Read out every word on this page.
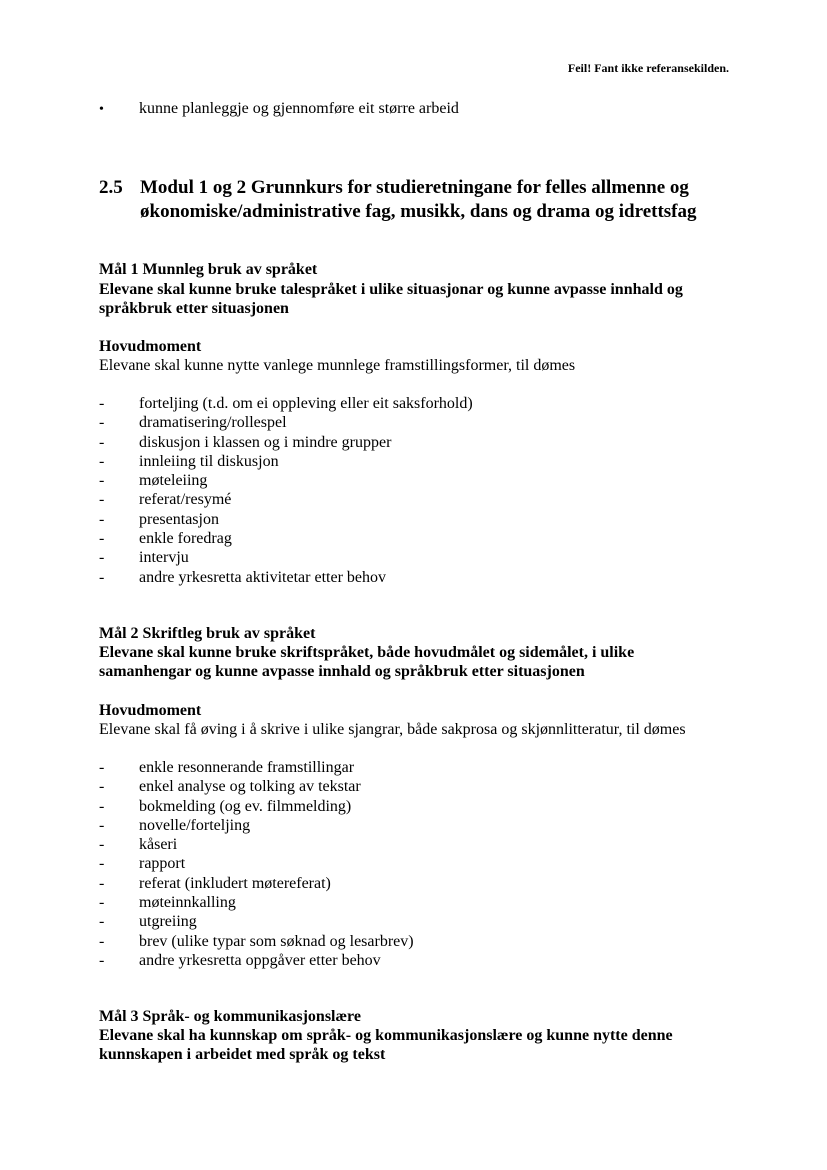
Feil! Fant ikke referansekilden.
• kunne planleggje og gjennomføre eit større arbeid
2.5 Modul 1 og 2 Grunnkurs for studieretningane for felles allmenne og økonomiske/administrative fag, musikk, dans og drama og idrettsfag
Mål 1 Munnleg bruk av språket
Elevane skal kunne bruke talespråket i ulike situasjonar og kunne avpasse innhald og språkbruk etter situasjonen
Hovudmoment
Elevane skal kunne nytte vanlege munnlege framstillingsformer, til dømes
- forteljing (t.d. om ei oppleving eller eit saksforhold)
- dramatisering/rollespel
- diskusjon i klassen og i mindre grupper
- innleiing til diskusjon
- møteleiing
- referat/resymé
- presentasjon
- enkle foredrag
- intervju
- andre yrkesretta aktivitetar etter behov
Mål 2 Skriftleg bruk av språket
Elevane skal kunne bruke skriftspråket, både hovudmålet og sidemålet, i ulike samanhengar og kunne avpasse innhald og språkbruk etter situasjonen
Hovudmoment
Elevane skal få øving i å skrive i ulike sjangrar, både sakprosa og skjønnlitteratur, til dømes
- enkle resonnerande framstillingar
- enkel analyse og tolking av tekstar
- bokmelding (og ev. filmmelding)
- novelle/forteljing
- kåseri
- rapport
- referat (inkludert møtereferat)
- møteinnkalling
- utgreiing
- brev (ulike typar som søknad og lesarbrev)
- andre yrkesretta oppgåver etter behov
Mål 3 Språk- og kommunikasjonslære
Elevane skal ha kunnskap om språk- og kommunikasjonslære og kunne nytte denne kunnskapen i arbeidet med språk og tekst
